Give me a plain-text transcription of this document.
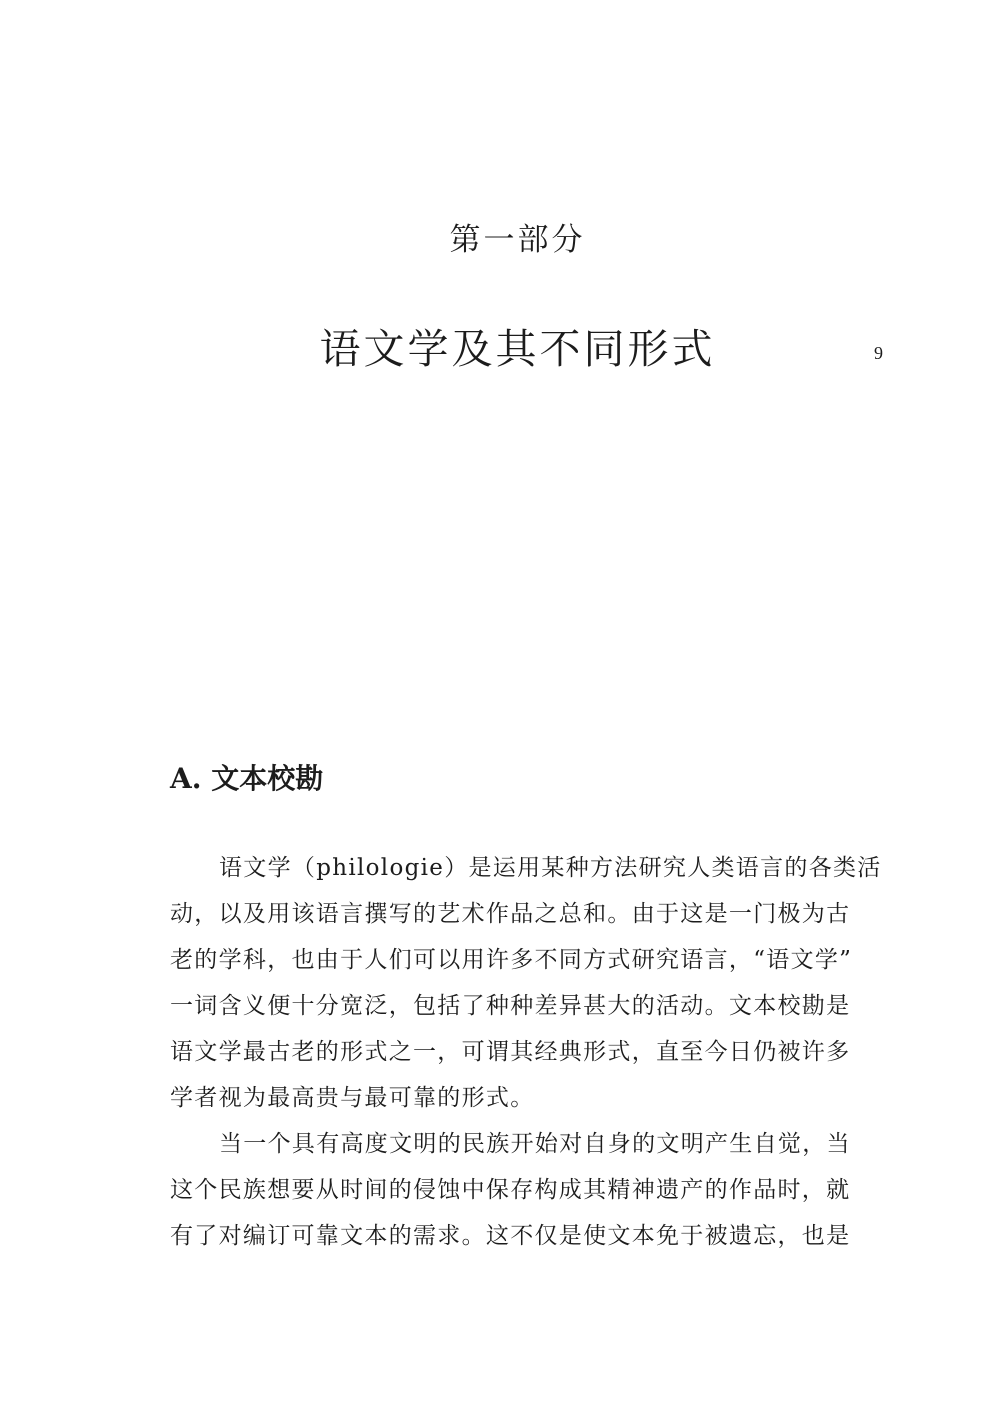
第一部分
语文学及其不同形式	9
A. 文本校勘
语文学（philologie）是运用某种方法研究人类语言的各类活
动，以及用该语言撰写的艺术作品之总和。由于这是一门极为古
老的学科，也由于人们可以用许多不同方式研究语言，“语文学”
一词含义便十分宽泛，包括了种种差异甚大的活动。文本校勘是
语文学最古老的形式之一，可谓其经典形式，直至今日仍被许多
学者视为最高贵与最可靠的形式。
当一个具有高度文明的民族开始对自身的文明产生自觉，当
这个民族想要从时间的侵蚀中保存构成其精神遗产的作品时，就
有了对编订可靠文本的需求。这不仅是使文本免于被遗忘，也是
